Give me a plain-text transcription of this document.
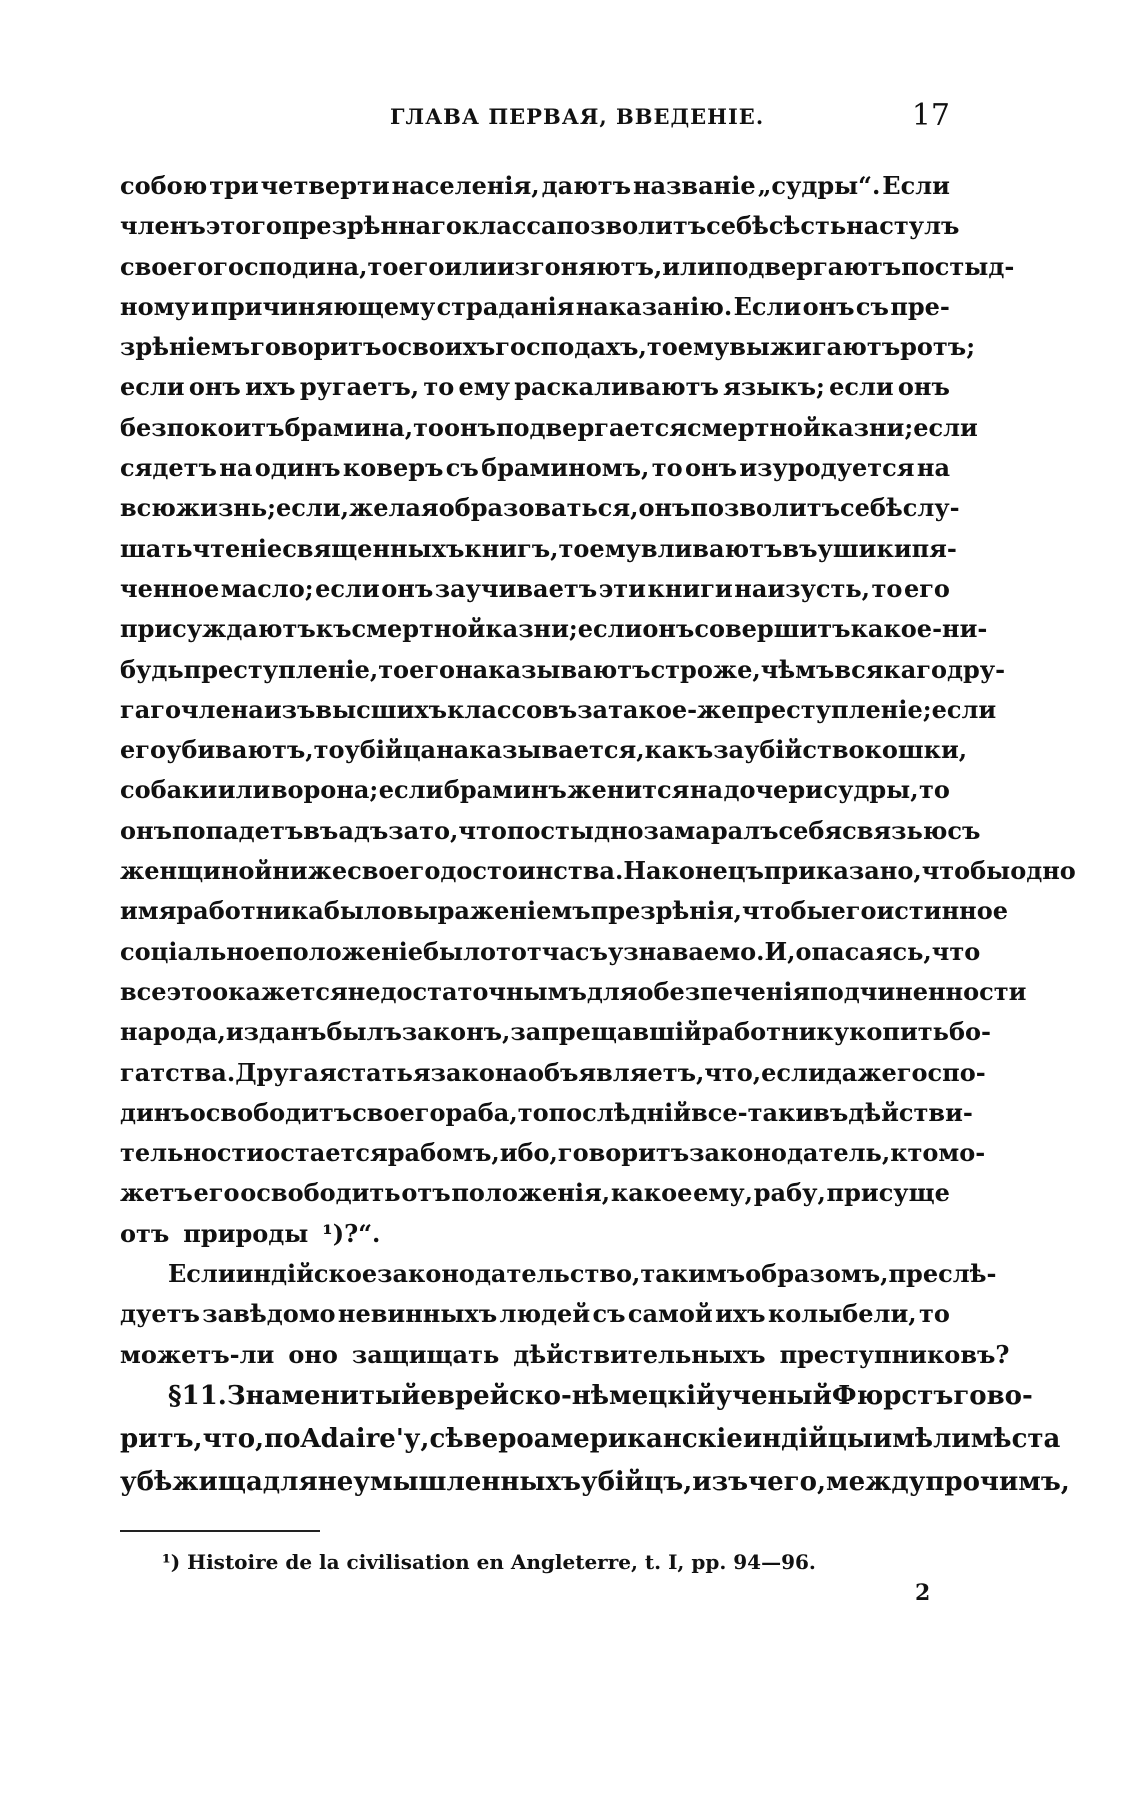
ГЛАВА ПЕРВАЯ, ВВЕДЕНІЕ.	17
собою три четверти населенія, даютъ названіе „судры“. Если
членъ этого презрѣннаго класса позволитъ себѣ сѣсть на стулъ
своего господина, то его или изгоняютъ, или подвергаютъ постыд-
ному и причиняющему страданія наказанію. Если онъ съ пре-
зрѣніемъ говоритъ о своихъ господахъ, то ему выжигаютъ ротъ;
если онъ ихъ ругаетъ, то ему раскаливаютъ языкъ; если онъ
безпокоитъ брамина, то онъ подвергается смертной казни; если
сядетъ на одинъ коверъ съ браминомъ, то онъ изуродуется на
всю жизнь; если, желая образоваться, онъ позволитъ себѣ слу-
шать чтеніе священныхъ книгъ, то ему вливаютъ въ уши кипя-
ченное масло; если онъ заучиваетъ эти книги наизусть, то его
присуждаютъ къ смертной казни; если онъ совершитъ какое-ни-
будь преступленіе, то его наказываютъ строже, чѣмъ всякаго дру-
гаго члена изъ высшихъ классовъ за такое-же преступленіе; если
его убиваютъ, то убійца наказывается, какъ за убійство кошки,
собаки или ворона; если браминъ женится на дочери судры, то
онъ попадетъ въ адъ за то, что постыдно замаралъ себя связью съ
женщиной ниже своего достоинства. Наконецъ приказано, чтобы одно
имя работника было выраженіемъ презрѣнія, чтобы его истинное
соціальное положеніе было тотчасъ узнаваемо. И, опасаясь, что
все это окажется недостаточнымъ для обезпеченія подчиненности
народа, изданъ былъ законъ, запрещавшій работнику копить бо-
гатства. Другая статья закона объявляетъ, что, если даже госпо-
динъ освободитъ своего раба, то послѣдній все-таки въ дѣйстви-
тельности остается рабомъ, ибо, говоритъ законодатель, кто мо-
жетъ его освободить отъ положенія, какое ему, рабу, присуще
отъ природы ¹)?“.
Если индійское законодательство, такимъ образомъ, преслѣ-
дуетъ завѣдомо невинныхъ людей съ самой ихъ колыбели, то
можетъ-ли оно защищать дѣйствительныхъ преступниковъ?
§ 11. Знаменитый еврейско-нѣмецкій ученый Фюрстъ гово-
ритъ, что, по Adaire'у, сѣвероамериканскіе индійцы имѣли мѣста
убѣжища для неумышленныхъ убійцъ, изъ чего, между прочимъ,
¹) Histoire de la civilisation en Angleterre, t. I, pp. 94—96.
2
